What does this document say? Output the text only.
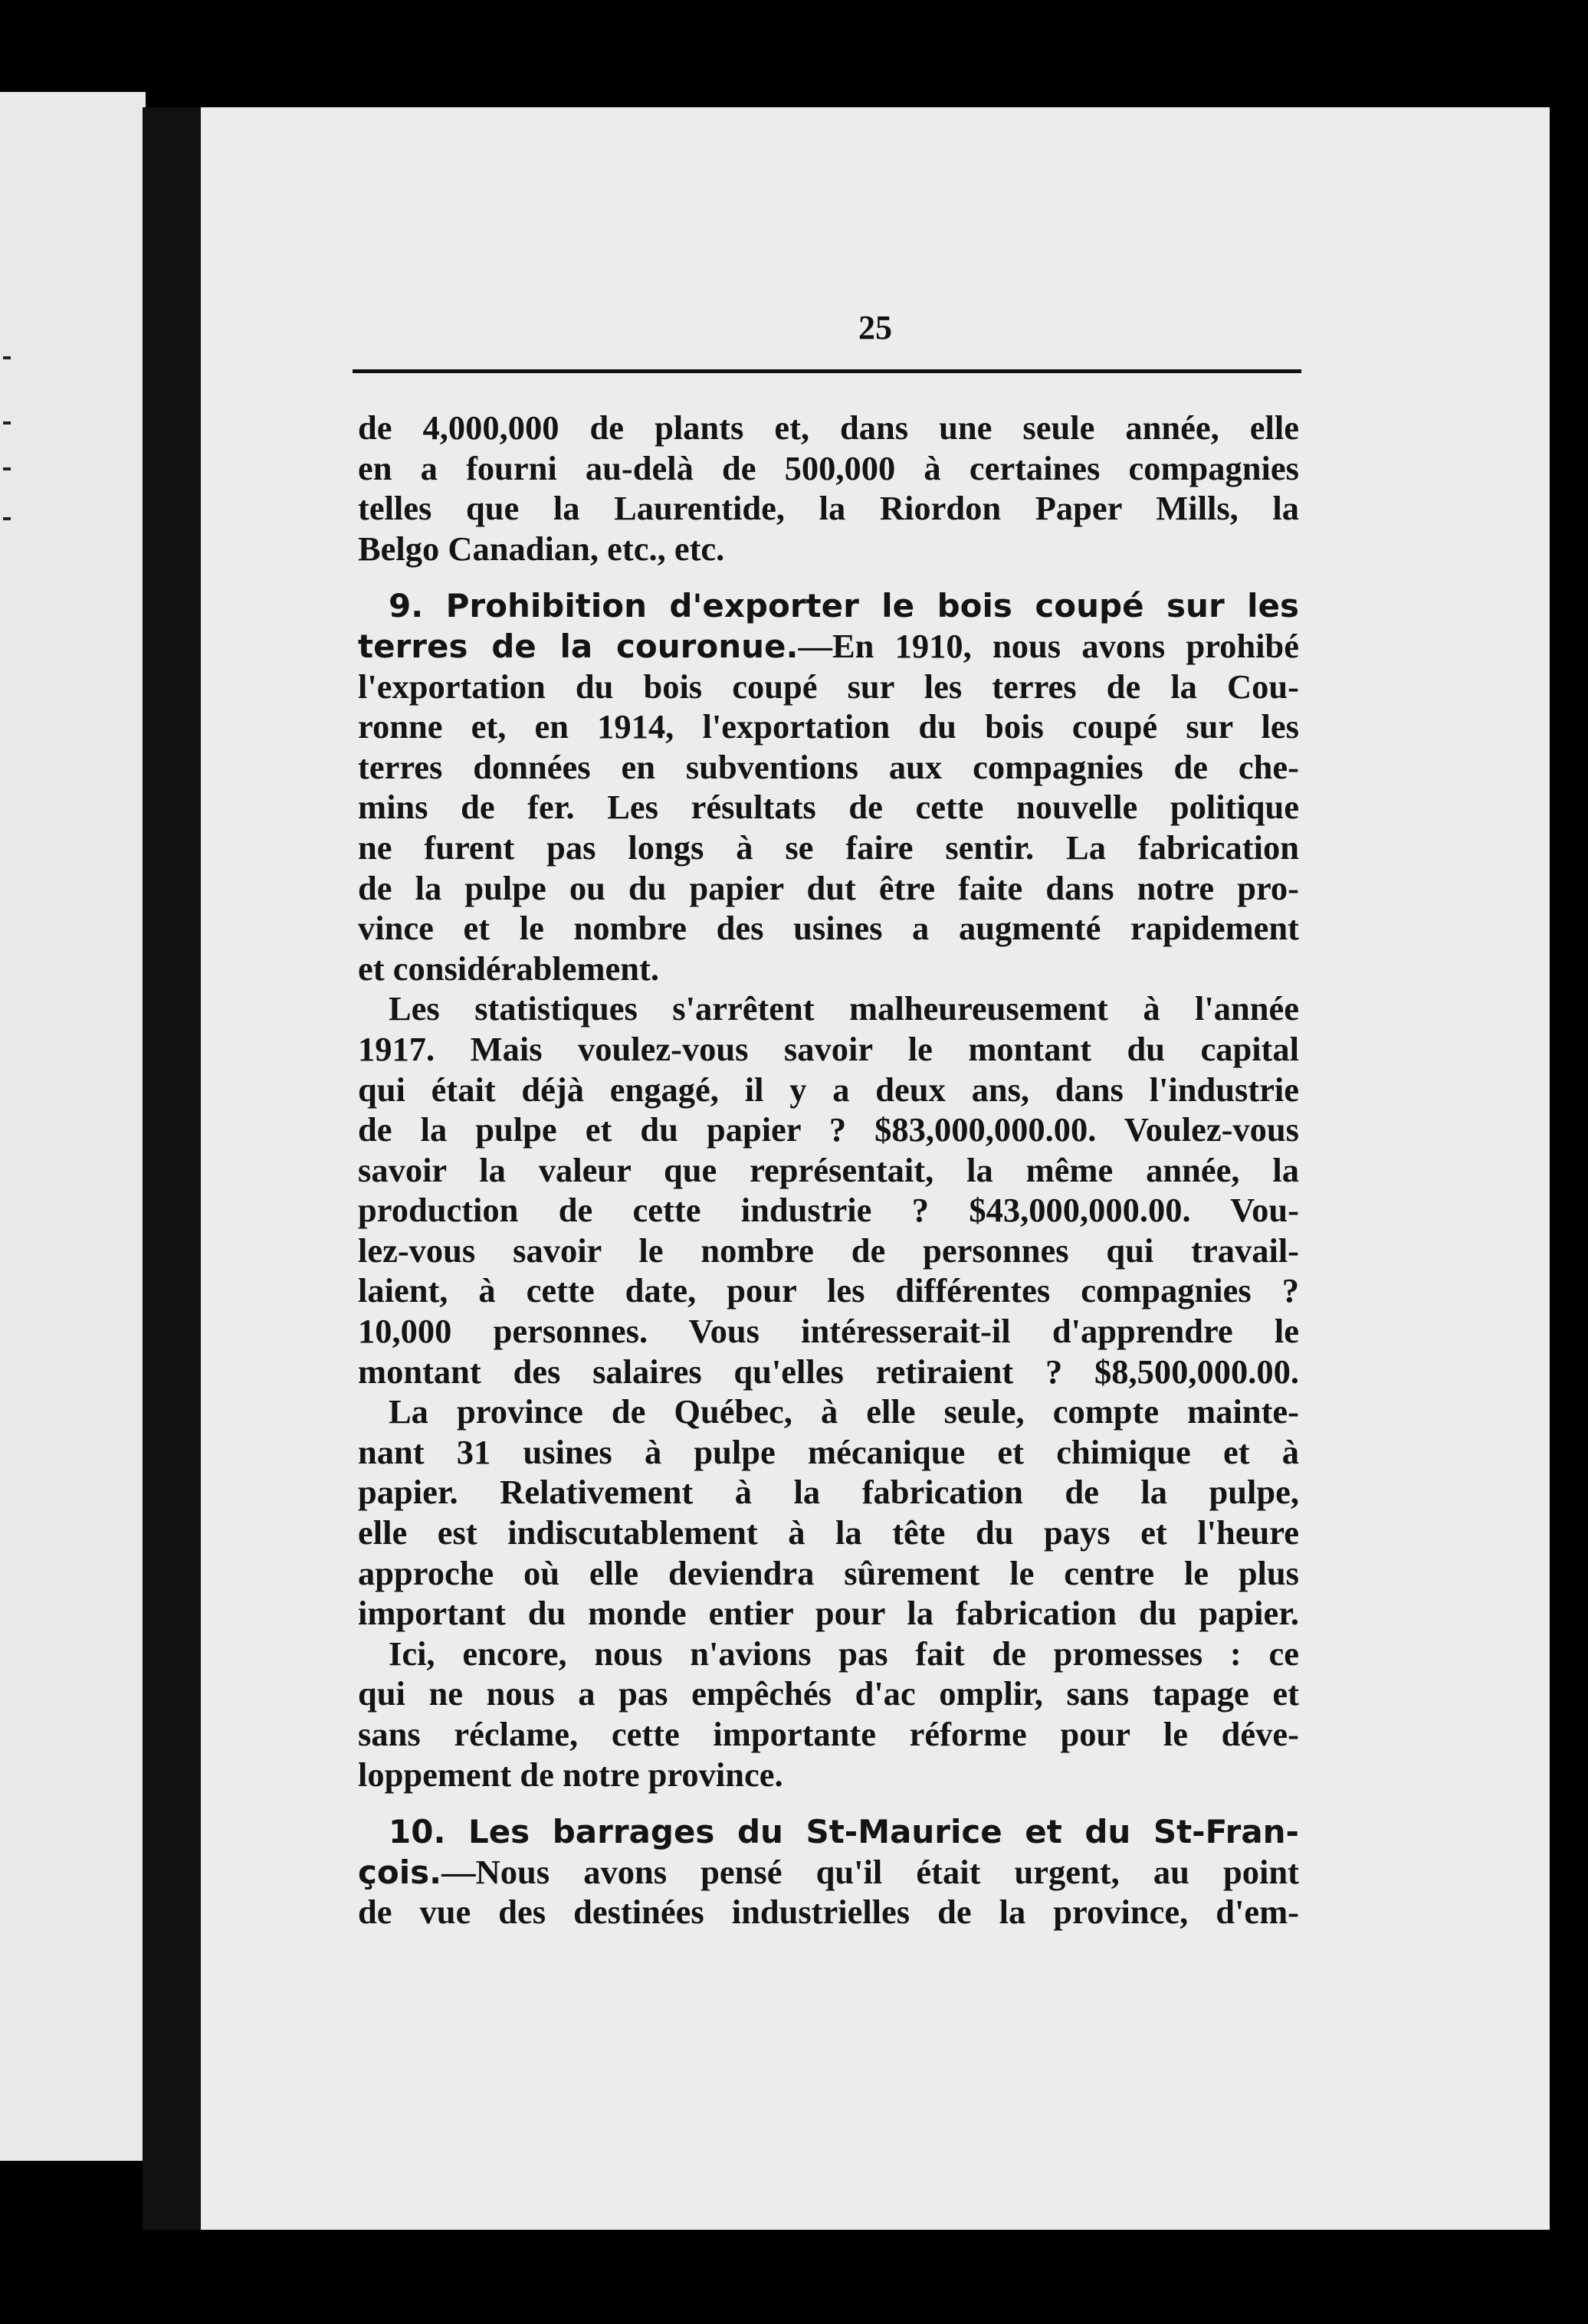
25
de 4,000,000 de plants et, dans une seule année, elle
en a fourni au-delà de 500,000 à certaines compagnies
telles que la Laurentide, la Riordon Paper Mills, la
Belgo Canadian, etc., etc.
9. Prohibition d'exporter le bois coupé sur les
terres de la couronue.—En 1910, nous avons prohibé
l'exportation du bois coupé sur les terres de la Cou-
ronne et, en 1914, l'exportation du bois coupé sur les
terres données en subventions aux compagnies de che-
mins de fer. Les résultats de cette nouvelle politique
ne furent pas longs à se faire sentir. La fabrication
de la pulpe ou du papier dut être faite dans notre pro-
vince et le nombre des usines a augmenté rapidement
et considérablement.
Les statistiques s'arrêtent malheureusement à l'année
1917. Mais voulez-vous savoir le montant du capital
qui était déjà engagé, il y a deux ans, dans l'industrie
de la pulpe et du papier ? $83,000,000.00. Voulez-vous
savoir la valeur que représentait, la même année, la
production de cette industrie ? $43,000,000.00. Vou-
lez-vous savoir le nombre de personnes qui travail-
laient, à cette date, pour les différentes compagnies ?
10,000 personnes. Vous intéresserait-il d'apprendre le
montant des salaires qu'elles retiraient ? $8,500,000.00.
La province de Québec, à elle seule, compte mainte-
nant 31 usines à pulpe mécanique et chimique et à
papier. Relativement à la fabrication de la pulpe,
elle est indiscutablement à la tête du pays et l'heure
approche où elle deviendra sûrement le centre le plus
important du monde entier pour la fabrication du papier.
Ici, encore, nous n'avions pas fait de promesses : ce
qui ne nous a pas empêchés d'ac omplir, sans tapage et
sans réclame, cette importante réforme pour le déve-
loppement de notre province.
10. Les barrages du St-Maurice et du St-Fran-
çois.—Nous avons pensé qu'il était urgent, au point
de vue des destinées industrielles de la province, d'em-
